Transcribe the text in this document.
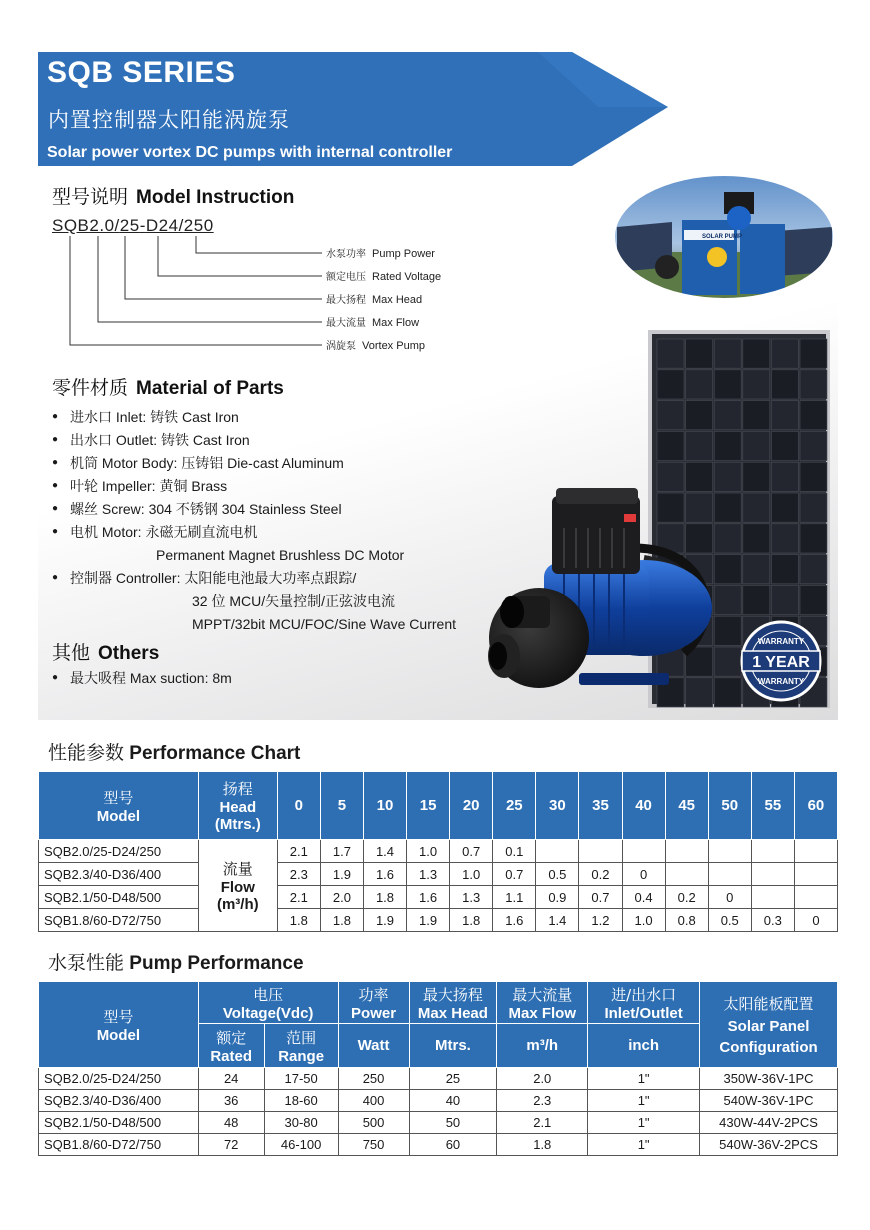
SQB SERIES
内置控制器太阳能涡旋泵
Solar power vortex DC pumps with internal controller
型号说明 Model Instruction
SQB2.0/25-D24/250
水泵功率 Pump Power
额定电压 Rated Voltage
最大扬程 Max Head
最大流量 Max Flow
涡旋泵 Vortex Pump
零件材质 Material of Parts
● 进水口 Inlet: 铸铁 Cast Iron
● 出水口 Outlet: 铸铁 Cast Iron
● 机筒 Motor Body: 压铸铝 Die-cast Aluminum
● 叶轮 Impeller: 黄铜 Brass
● 螺丝 Screw: 304 不锈钢 304 Stainless Steel
● 电机 Motor: 永磁无刷直流电机
Permanent Magnet Brushless DC Motor
● 控制器 Controller: 太阳能电池最大功率点跟踪/
32 位 MCU/矢量控制/正弦波电流
MPPT/32bit MCU/FOC/Sine Wave Current
其他 Others
● 最大吸程 Max suction: 8m
SOLAR PUMP
WARRANTY
1 YEAR
WARRANTY
性能参数 Performance Chart
型号
Model	扬程
Head
(Mtrs.)	0	5	10	15	20	25	30	35	40	45	50	55	60
SQB2.0/25-D24/250	流量
Flow
(m³/h)	2.1	1.7	1.4	1.0	0.7	0.1							
SQB2.3/40-D36/400		2.3	1.9	1.6	1.3	1.0	0.7	0.5	0.2	0				
SQB2.1/50-D48/500		2.1	2.0	1.8	1.6	1.3	1.1	0.9	0.7	0.4	0.2	0		
SQB1.8/60-D72/750		1.8	1.8	1.9	1.9	1.8	1.6	1.4	1.2	1.0	0.8	0.5	0.3	0
水泵性能 Pump Performance
型号
Model	电压
Voltage(Vdc)		功率
Power	最大扬程
Max Head	最大流量
Max Flow	进/出水口
Inlet/Outlet	太阳能板配置
Solar Panel
Configuration

	额定
Rated	范围
Range	Watt	Mtrs.	m³/h	inch	
SQB2.0/25-D24/250	24	17-50	250	25	2.0	1"	350W-36V-1PC
SQB2.3/40-D36/400	36	18-60	400	40	2.3	1"	540W-36V-1PC
SQB2.1/50-D48/500	48	30-80	500	50	2.1	1"	430W-44V-2PCS
SQB1.8/60-D72/750	72	46-100	750	60	1.8	1"	540W-36V-2PCS
